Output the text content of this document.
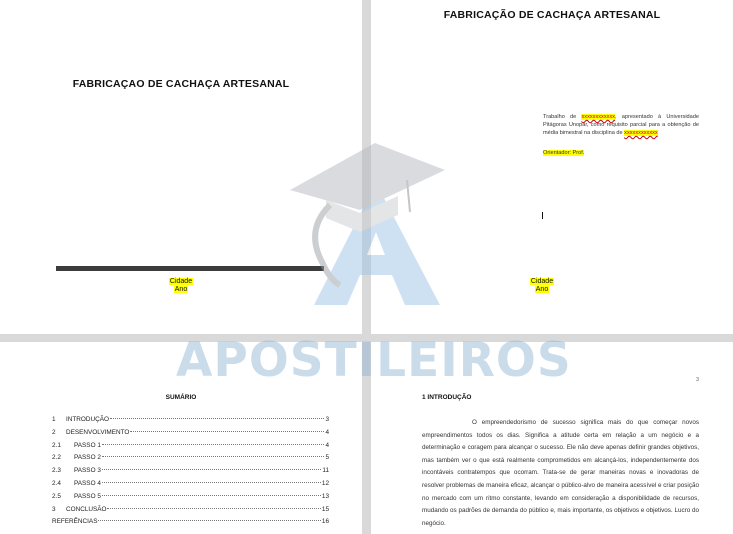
FABRICAÇAO DE CACHAÇA ARTESANAL
Cidade
Ano
FABRICAÇÃO DE CACHAÇA ARTESANAL
Trabalho de xxxxxxxxxxxx, apresentado à Universidade Pitágoras Unopar, como requisito parcial para a obtenção de média bimestral na disciplina de xxxxxxxxxxxx
Orientador: Prof.
Cidade
Ano
SUMÁRIO
1	INTRODUÇÃO	3
2	DESENVOLVIMENTO	4
2.1	PASSO 1	4
2.2	PASSO 2	5
2.3	PASSO 3	11
2.4	PASSO 4	12
2.5	PASSO 5	13
3	CONCLUSÃO	15
REFERÊNCIAS	16
3
1 INTRODUÇÃO

O empreendedorismo de sucesso significa mais do que começar novos empreendimentos todos os dias. Significa a atitude certa em relação a um negócio e a determinação e coragem para alcançar o sucesso. Ele não deve apenas definir grandes objetivos, mas também ver o que está realmente comprometidos em alcançá-los, independentemente dos incontáveis contratempos que ocorram. Trata-se de gerar maneiras novas e inovadoras de resolver problemas de maneira eficaz, alcançar o público-alvo de maneira acessível e criar posição no mercado com um ritmo constante, levando em consideração a disponibilidade de recursos, mudando os padrões de demanda do público e, mais importante, os objetivos e objetivos. Lucro do negócio.

APOSTILEIROS
